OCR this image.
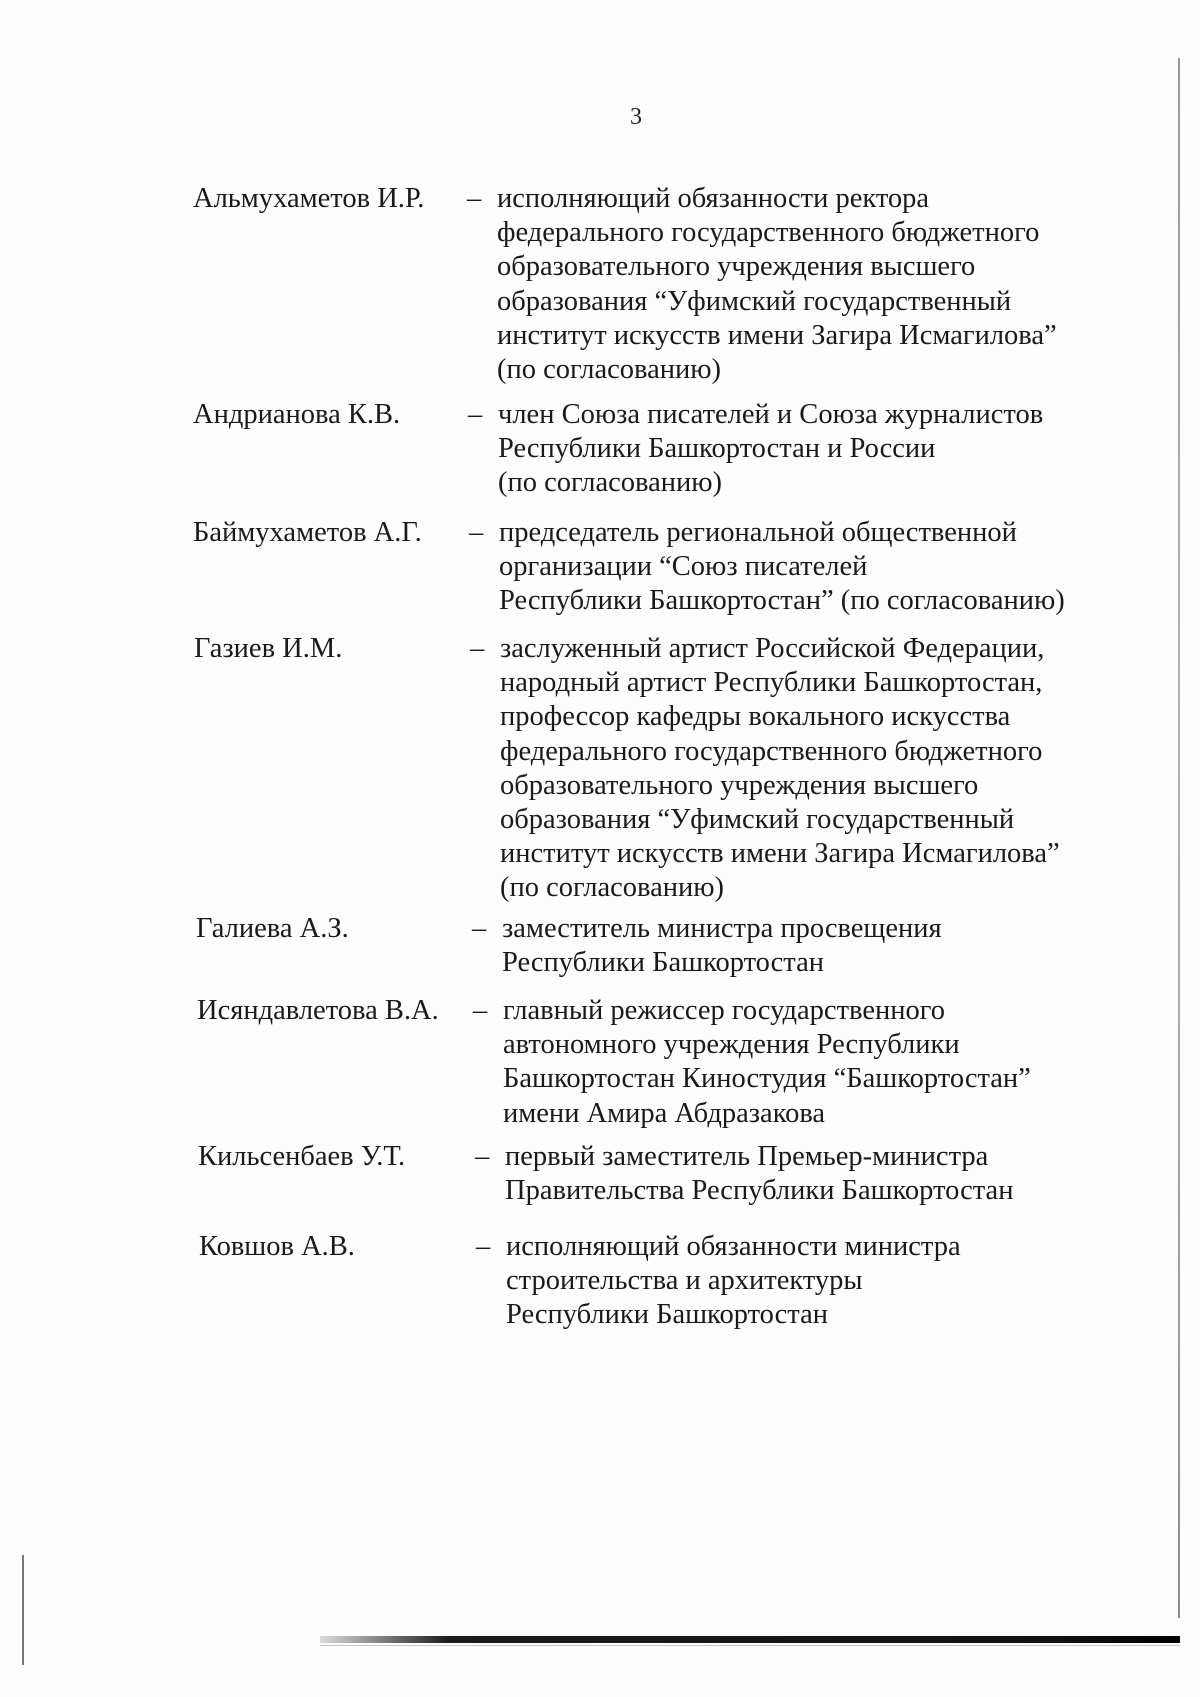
3
Альмухаметов И.Р. – исполняющий обязанности ректора
федерального государственного бюджетного
образовательного учреждения высшего
образования “Уфимский государственный
институт искусств имени Загира Исмагилова”
(по согласованию)
Андрианова К.В. – член Союза писателей и Союза журналистов
Республики Башкортостан и России
(по согласованию)
Баймухаметов А.Г. – председатель региональной общественной
организации “Союз писателей
Республики Башкортостан” (по согласованию)
Газиев И.М.	– заслуженный артист Российской Федерации,
народный артист Республики Башкортостан,
профессор кафедры вокального искусства
федерального государственного бюджетного
образовательного учреждения высшего
образования “Уфимский государственный
институт искусств имени Загира Исмагилова”
(по согласованию)
Галиева А.З.	– заместитель министра просвещения
Республики Башкортостан
Исяндавлетова В.А. – главный режиссер государственного
автономного учреждения Республики
Башкортостан Киностудия “Башкортостан”
имени Амира Абдразакова
Кильсенбаев У.Т. – первый заместитель Премьер-министра
Правительства Республики Башкортостан
Ковшов А.В.	– исполняющий обязанности министра
строительства и архитектуры
Республики Башкортостан
